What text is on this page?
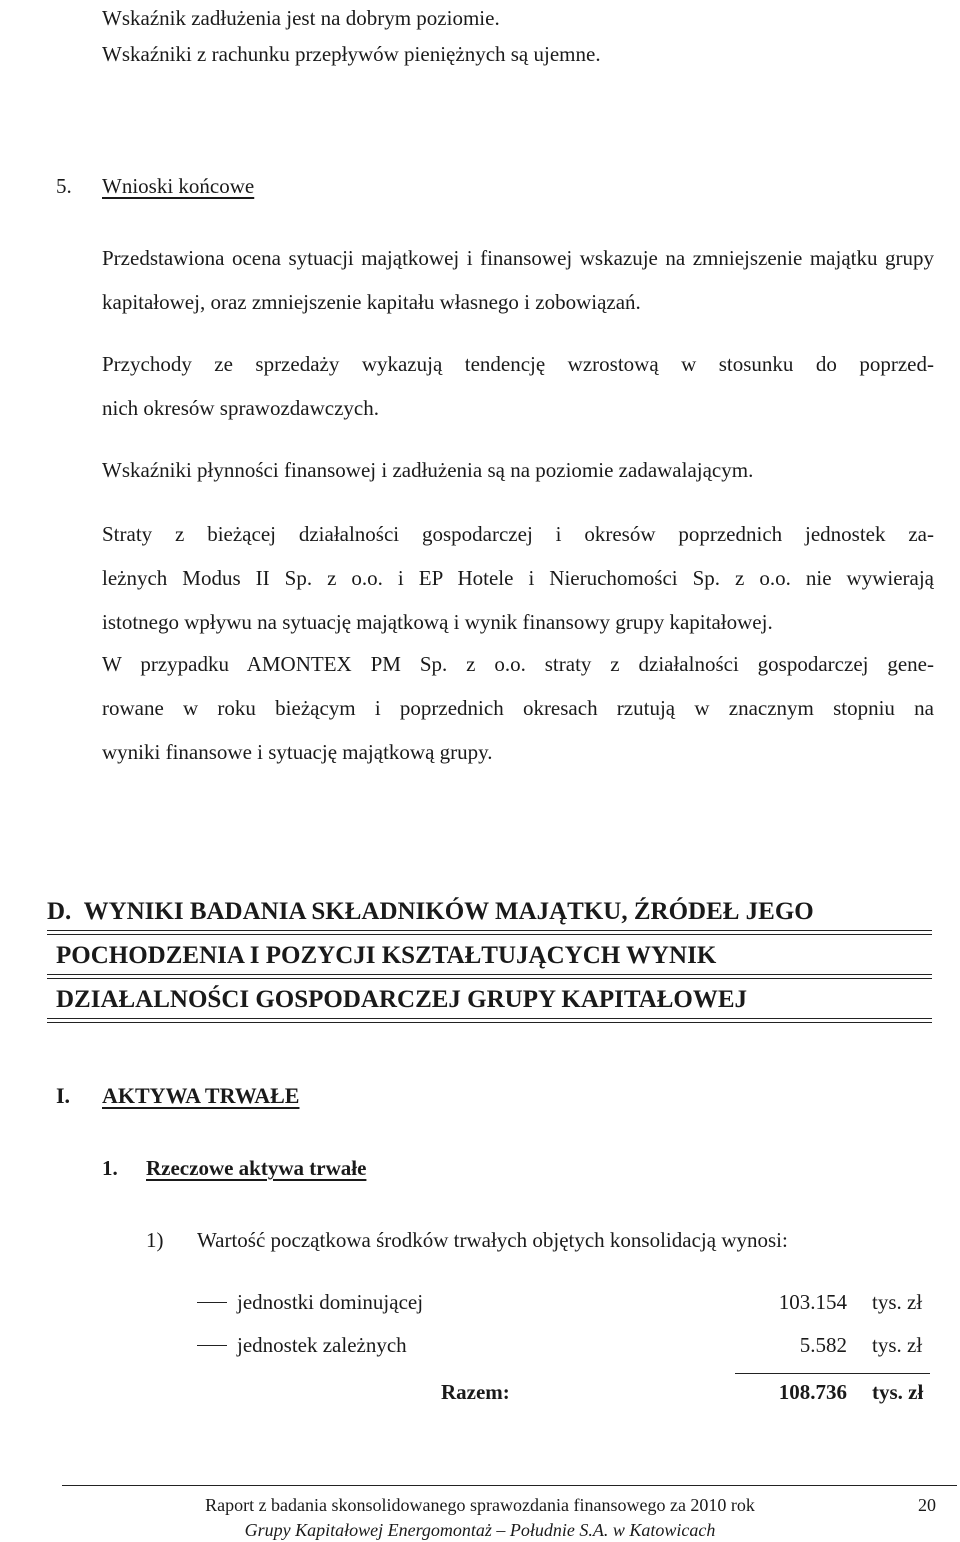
Wskaźnik zadłużenia jest na dobrym poziomie.
Wskaźniki z rachunku przepływów pieniężnych są ujemne.
5. Wnioski końcowe
Przedstawiona ocena sytuacji majątkowej i finansowej wskazuje na zmniejszenie majątku grupy kapitałowej, oraz zmniejszenie kapitału własnego i zobowiązań.
Przychody ze sprzedaży wykazują tendencję wzrostową w stosunku do poprzed-
nich okresów sprawozdawczych.
Wskaźniki płynności finansowej i zadłużenia są na poziomie zadawalającym.
Straty z bieżącej działalności gospodarczej i okresów poprzednich jednostek za-
leżnych Modus II Sp. z o.o. i EP Hotele i Nieruchomości Sp. z o.o. nie wywierają
istotnego wpływu na sytuację majątkową i wynik finansowy grupy kapitałowej.
W przypadku AMONTEX PM Sp. z o.o. straty z działalności gospodarczej gene-
rowane w roku bieżącym i poprzednich okresach rzutują w znacznym stopniu na
wyniki finansowe i sytuację majątkową grupy.
D. WYNIKI BADANIA SKŁADNIKÓW MAJĄTKU, ŹRÓDEŁ JEGO
POCHODZENIA I POZYCJI KSZTAŁTUJĄCYCH WYNIK
DZIAŁALNOŚCI GOSPODARCZEJ GRUPY KAPITAŁOWEJ
I. AKTYWA TRWAŁE
1. Rzeczowe aktywa trwałe
1) Wartość początkowa środków trwałych objętych konsolidacją wynosi:
jednostki dominującej	103.154 tys. zł
jednostek zależnych	5.582 tys. zł
Razem:	108.736 tys. zł
Raport z badania skonsolidowanego sprawozdania finansowego za 2010 rok
Grupy Kapitałowej Energomontaż – Południe S.A. w Katowicach
20
